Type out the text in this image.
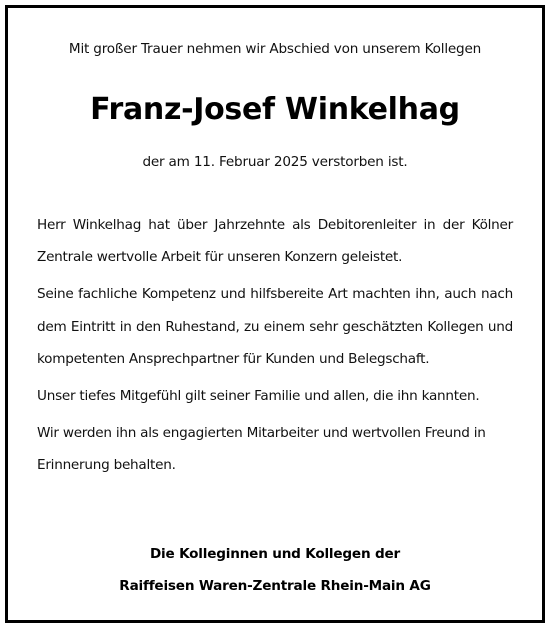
Mit großer Trauer nehmen wir Abschied von unserem Kollegen
Franz-Josef Winkelhag
der am 11. Februar 2025 verstorben ist.

Herr Winkelhag hat über Jahrzehnte als Debitorenleiter in der Kölner Zentrale wertvolle Arbeit für unseren Konzern geleistet.

Seine fachliche Kompetenz und hilfsbereite Art machten ihn, auch nach dem Eintritt in den Ruhestand, zu einem sehr geschätzten Kollegen und kompetenten Ansprechpartner für Kunden und Belegschaft.

Unser tiefes Mitgefühl gilt seiner Familie und allen, die ihn kannten.

Wir werden ihn als engagierten Mitarbeiter und wertvollen Freund in Erinnerung behalten.

Die Kolleginnen und Kollegen der
Raiffeisen Waren-Zentrale Rhein-Main AG
